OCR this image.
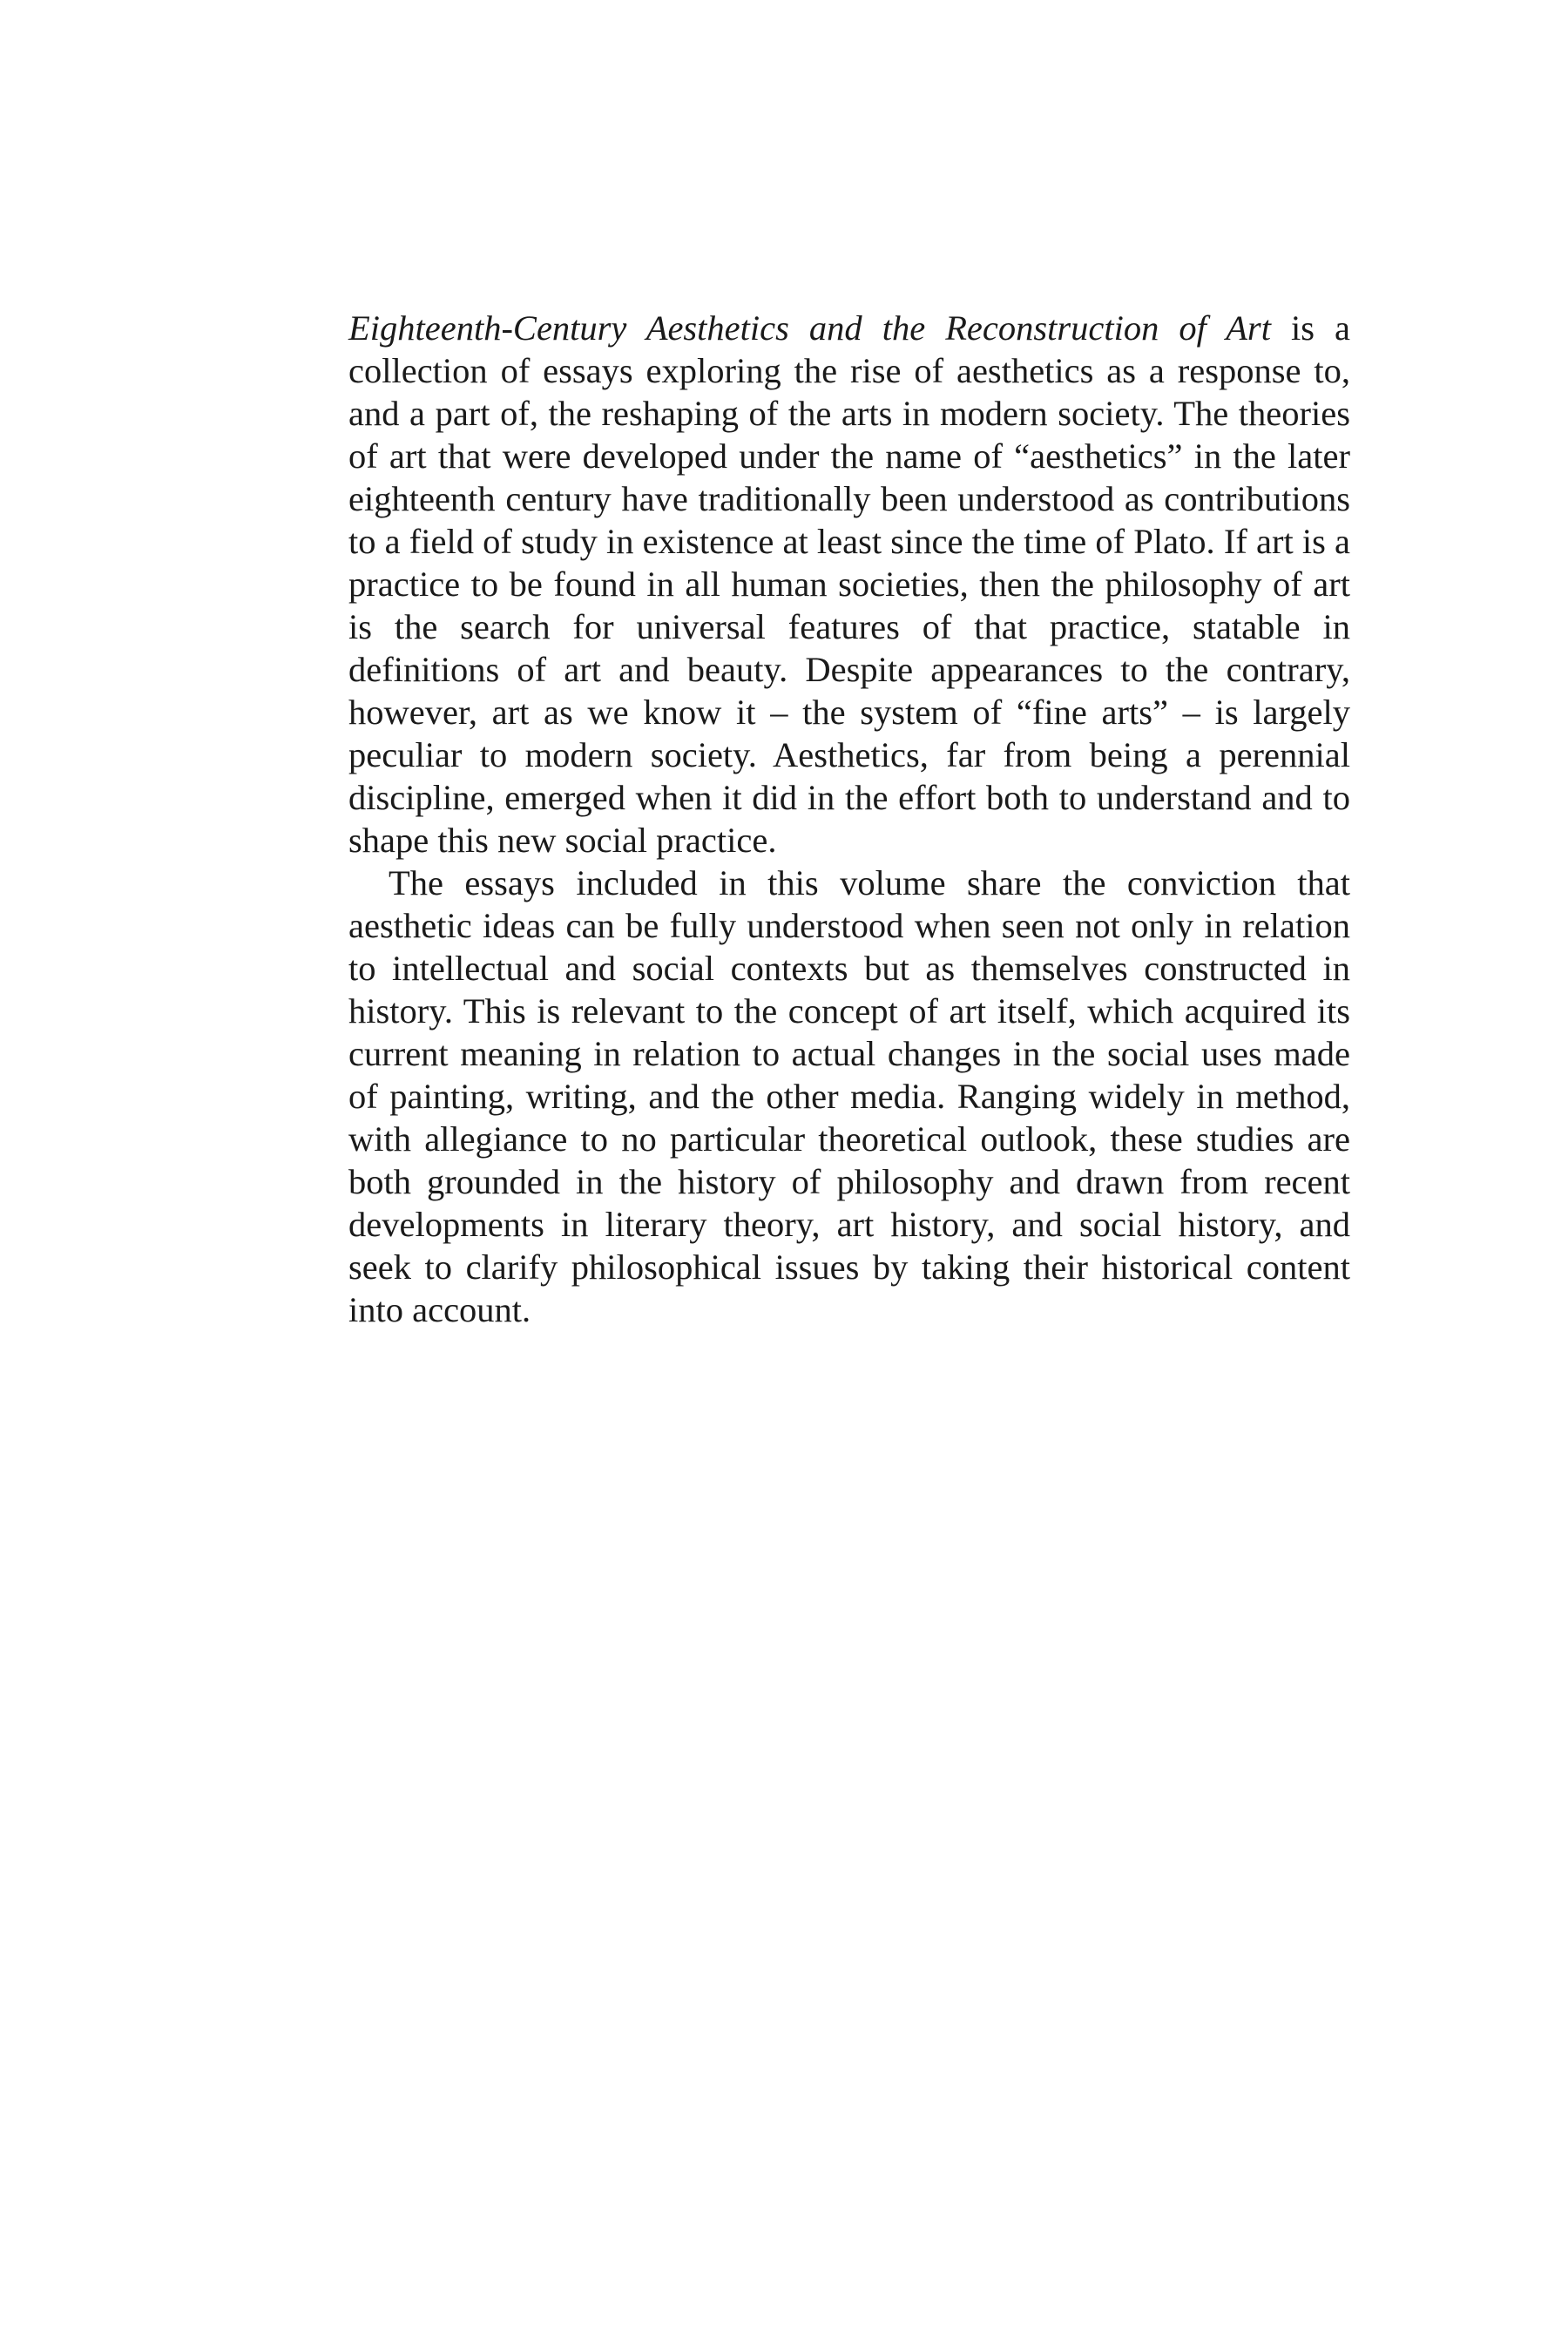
Eighteenth-Century Aesthetics and the Reconstruction of Art is a collection of essays exploring the rise of aesthetics as a response to, and a part of, the reshaping of the arts in modern society. The theories of art that were developed under the name of “aesthetics” in the later eighteenth century have traditionally been understood as contributions to a field of study in existence at least since the time of Plato. If art is a practice to be found in all human societies, then the philosophy of art is the search for universal features of that practice, statable in definitions of art and beauty. Despite appearances to the contrary, however, art as we know it – the system of “fine arts” – is largely peculiar to modern society. Aesthetics, far from being a perennial discipline, emerged when it did in the effort both to understand and to shape this new social practice.

The essays included in this volume share the conviction that aesthetic ideas can be fully understood when seen not only in relation to intellectual and social contexts but as themselves constructed in history. This is relevant to the concept of art itself, which acquired its current meaning in relation to actual changes in the social uses made of painting, writing, and the other media. Ranging widely in method, with allegiance to no particular theoretical outlook, these studies are both grounded in the history of philosophy and drawn from recent developments in literary theory, art history, and social history, and seek to clarify philosophical issues by taking their historical content into account.
